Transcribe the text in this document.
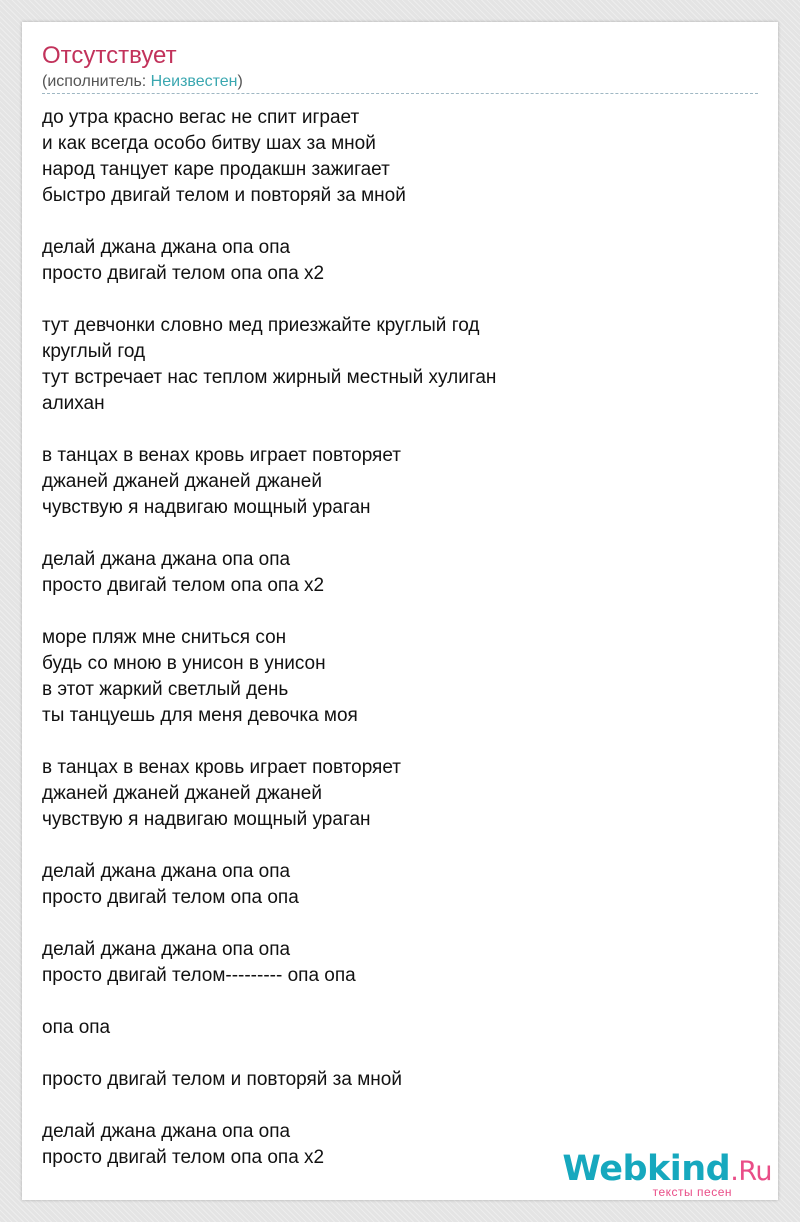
Отсутствует
(исполнитель: Неизвестен)
до утра красно вегас не спит играет
и как всегда особо битву шах за мной
народ танцует каре продакшн зажигает
быстро двигай телом и повторяй за мной
делай джана джана опа опа
просто двигай телом опа опа х2
тут девчонки словно мед приезжайте круглый год
круглый год
тут встречает нас теплом жирный местный хулиган
алихан
в танцах в венах кровь играет повторяет
джаней джаней джаней джаней
чувствую я надвигаю мощный ураган
делай джана джана опа опа
просто двигай телом опа опа х2
море пляж мне сниться сон
будь со мною в унисон в унисон
в этот жаркий светлый день
ты танцуешь для меня девочка моя
в танцах в венах кровь играет повторяет
джаней джаней джаней джаней
чувствую я надвигаю мощный ураган
делай джана джана опа опа
просто двигай телом опа опа
делай джана джана опа опа
просто двигай телом--------- опа опа
опа опа
просто двигай телом и повторяй за мной
делай джана джана опа опа
просто двигай телом опа опа х2	Webkind.Ru
тексты песен
